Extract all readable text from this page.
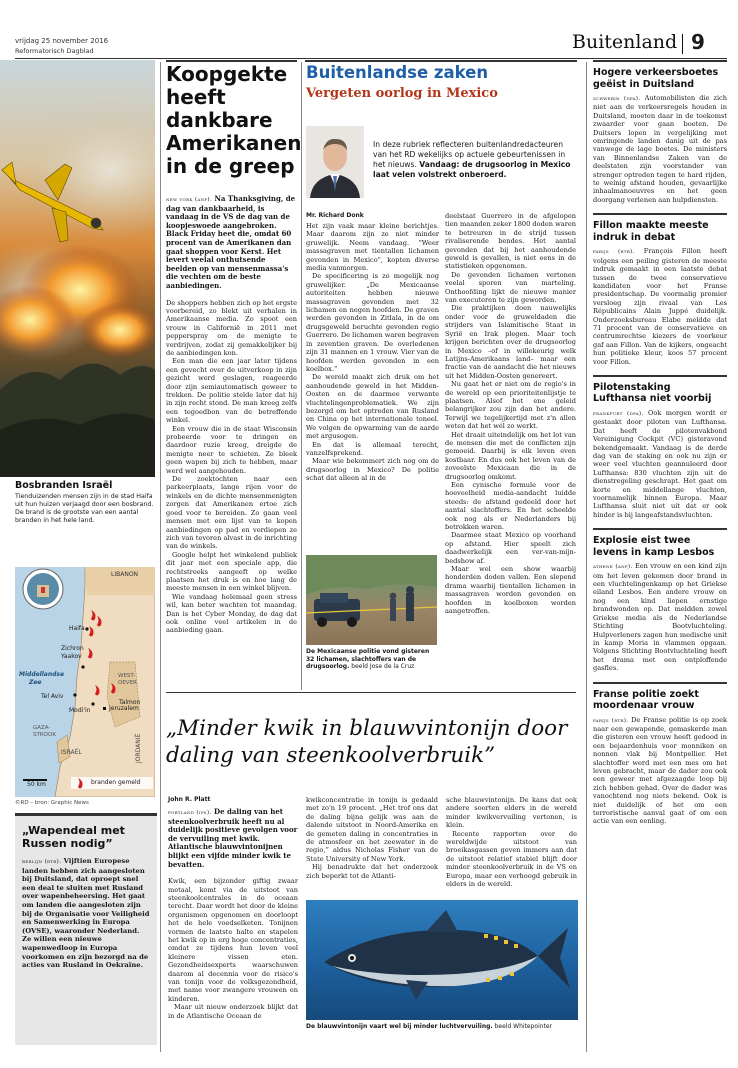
vrijdag 25 november 2016
Reformatorisch Dagblad	Buitenland 9
Bosbranden Israël
Tienduizenden mensen zijn in de stad Haifa uit hun huizen verjaagd door een bosbrand. De brand is de grootste van een aantal branden in het hele land.
LIBANON
Haifa
Zichron
Yaakov
Middellandse
Zee
WEST-
OEVER
Tel Aviv
Talmon
Modi'in	Jeruzalem
GAZA-
STROOK
ISRAËL	JORDANIË
50 km	branden gemeld
©RD – bron: Graphic News
„Wapendeal met Russen nodig”
berlijn (rtr). Vijftien Europese landen hebben zich aangesloten bij Duitsland, dat oproept snel een deal te sluiten met Rusland over wapenbeheersing. Het gaat om landen die aangesloten zijn bij de Organisatie voor Veiligheid en Samenwerking in Europa (OVSE), waaronder Nederland. Ze willen een nieuwe wapenwedloop in Europa voorkomen en zijn bezorgd na de acties van Rusland in Oekraïne.
Koopgekte heeft dankbare Amerikanen in de greep
new york (anp). Na Thanksgiving, de dag van dankbaarheid, is vandaag in de VS de dag van de koopjeswoede aangebroken. Black Friday heet die, omdat 60 procent van de Amerikanen dan gaat shoppen voor Kerst. Het levert veelal onthutsende beelden op van mensenmassa's die vechten om de beste aanbiedingen.

De shoppers hebben zich op het ergste voorbereid, zo blekt uit verhalen in Amerikaanse media. Zo spoot een vrouw in Californië in 2011 met pepperspray om de menigte te verdrijven, zodat zij gemakkelijker bij de aanbiedingen kon.

Een man die een jaar later tijdens een gevecht over de uitverkoop in zijn gezicht werd geslagen, reageerde door zijn semiautomatisch geweer te trekken. De politie stelde later dat hij in zijn recht stond. De man kreeg zelfs een tegoedbon van de betreffende winkel.

Een vrouw die in de staat Wisconsin probeerde voor te dringen en daardoor ruzie kreeg, dreigde de menigte neer te schieten. Ze bleek geen wapen bij zich te hebben, maar werd wel aangehouden.

De zoektochten naar een parkeerplaats, lange rijen voor de winkels en de dichte mensenmenigten zorgen dat Amerikanen ertoe zich goed voor te bereiden. Zo gaan veel mensen met een lijst van te kopen aanbiedingen op pad en verdiepen ze zich van tevoren alvast in de inrichting van de winkels.

Google helpt het winkelend publiek dit jaar met een speciale app, die rechtstreeks aangeeft op welke plaatsen het druk is en hoe lang de meeste mensen in een winkel blijven.

Wie vandaag helemaal geen stress wil, kan beter wachten tot maandag. Dan is het Cyber Monday, de dag dat ook online veel artikelen in de aanbieding gaan.

Buitenlandse zaken
Vergeten oorlog in Mexico
In deze rubriek reflecteren buitenlandredacteuren van het RD wekelijks op actuele gebeurtenissen in het nieuws. Vandaag: de drugsoorlog in Mexico laat velen volstrekt onberoerd.
Mr. Richard Donk

Het zijn vaak maar kleine berichtjes. Maar daarom zijn ze niet minder gruwelijk. Neem vandaag. "Weer massagraven met tientallen lichamen gevonden in Mexico", kopten diverse media vanmorgen.

De specificering is zo mogelijk nog gruwelijker. „De Mexicaanse autoriteiten hebben nieuwe massagraven gevonden met 32 lichamen en negen hoofden. De graven werden gevonden in Zitlala, in de om drugsgeweld beruchte gevonden regio Guerrero. De lichamen waren begraven in zeventien graven. De overledenen zijn 31 mannen en 1 vrouw. Vier van de hoofden werden gevonden in een koelbox.”

De wereld maakt zich druk om het aanhoudende geweld in het Midden-Oosten en de daarmee verwante vluchtelingenproblematiek. We zijn bezorgd om het optreden van Rusland en China op het internationale toneel. We volgen de opwarming van de aarde met argusogen.

En dat is allemaal terecht, vanzelfsprekend.

Maar wie bekommert zich nog om de drugsoorlog in Mexico? De politie schat dat alleen al in de

De Mexicaanse politie vond gisteren 32 lichamen, slachtoffers van de drugsoorlog. beeld Jose de la Cruz

deelstaat Guerrero in de afgelopen tien maanden zeker 1800 doden waren te betreuren in de strijd tussen rivaliserende bendes. Het aantal gevonden dat bij het aanhoudende geweld is gevallen, is niet eens in de statistieken opgenomen.

De gevonden lichamen vertonen veelal sporen van marteling. Onthoofding lijkt de nieuwe manier van executeren te zijn geworden.

Die praktijken doen nauwelijks onder voor de gruweldaden die strijders van Islamitische Staat in Syrië en Irak plegen. Maar toch krijgen berichten over de drugsoorlog in Mexico –of in willekeurig welk Latijns-Amerikaans land– maar een fractie van de aandacht die het nieuws uit het Midden-Oosten genereert.

Nu gaat het er niet om de regio's in de wereld op een prioriteitenlijstje te plaatsen. Alsof het ene geleid belangrijker zou zijn dan het andere. Terwijl we tegelijkertijd met z'n allen weten dat het wél zo werkt.

Het draait uiteindelijk om het lot van de mensen die met de conflicten zijn gemoeid. Daarbij is elk leven even kostbaar. En dus ook het leven van de zoveelste Mexicaan die in de drugsoorlog omkomt.

Een cynische formule voor de hoeveelheid media-aandacht luidde steeds: de afstand gedeeld door het aantal slachtoffers. En het scheelde ook nog als er Nederlanders bij betrokken waren.

Daarmee staat Mexico op voorhand op afstand. Hier speelt zich daadwerkelijk een ver-van-mijn-bedshow af.

Maar wel een show waarbij honderden doden vallen. Een slepend drama waarbij tientallen lichamen in massagraven worden gevonden en hoofden in koelboxen worden aangetroffen.

„Minder kwik in blauwvintonijn door daling van steenkoolverbruik”
John R. Platt
portland (ips). De daling van het steenkoolverbruik heeft nu al duidelijk positieve gevolgen voor de vervuiling met kwik. Atlantische blauwvintonijnen blijkt een vijfde minder kwik te bevatten.

Kwik, een bijzonder giftig zwaar metaal, komt via de uitstoot van steenkoolcentrales in de oceaan terecht. Daar wordt het door de kleine organismen opgenomen en doorloopt het de hele voedselketen. Tonijnen vormen de laatste halte en stapelen het kwik op in erg hoge concentraties, omdat ze tijdens hun leven veel kleinere vissen eten. Gezondheidsexperts waarschuwen daarom al decennia voor de risico's van tonijn voor de volksgezondheid, met name voor zwangere vrouwen en kinderen.

Maar uit nieuw onderzoek blijkt dat in de Atlantische Oceaan de

kwikconcentratie in tonijn is gedaald met zo'n 19 procent. „Het trof ons dat de daling bijna gelijk was aan de dalende uitstoot in Noord-Amerika en de gemeten daling in concentraties in de atmosfeer en het zeewater in de regio,” aldus Nicholas Fisher van de State University of New York.

Hij benadrukte dat het onderzoek zich beperkt tot de Atlanti-

sche blauwvintonijn. De kans dat ook andere soorten elders in de wereld minder kwikvervuiling vertonen, is klein.

Recente rapporten over de wereldwijde uitstoot van broeikasgassen geven immers aan dat de uitstoot relatief stabiel blijft door minder steenkoolverbruik in de VS en Europa, maar een verhoogd gebruik in elders in de wereld.

De blauwvintonijn vaart wel bij minder luchtvervuiling. beeld Whitepointer
Hogere verkeersboetes geëist in Duitsland
schwerin (dpa). Automobilisten die zich niet aan de verkeersregels houden in Duitsland, moeten daar in de toekomst zwaarder voor gaan boeten. De Duitsers lopen in vergelijking met omringende landen danig uit de pas vanwege de lage boetes. De ministers van Binnenlandse Zaken van de deelstaten zijn voorstander van strenger optreden tegen te hard rijden, te weinig afstand houden, gevaarlijke inhaalmanoeuvres en het geen doorgang verlenen aan hulpdiensten.
Fillon maakte meeste indruk in debat
parijs (rtr). François Fillon heeft volgens een peiling gisteren de meeste indruk gemaakt in een laatste debat tussen de twee conservatieve kandidaten voor het Franse presidentschap. De voormalig premier versloeg zijn rivaal van Les Républicains Alain Juppé duidelijk. Onderzoeksbureau Elabe meldde dat 71 procent van de conservatieve en centrumrechtse kiezers de voorkeur gaf aan Fillon. Van de kijkers, ongeacht hun politieke kleur, koos 57 procent voor Fillon.
Pilotenstaking Lufthansa niet voorbij
frankfurt (dpa). Ook morgen wordt er gestaakt door piloten van Lufthansa. Dat heeft de pilotenvakbond Vereinigung Cockpit (VC) gisteravond bekendgemaakt. Vandaag is de derde dag van de staking en ook nu zijn er weer veel vluchten geannuleerd door Lufthansa: 830 vluchten zijn uit de dienstregeling geschrapt. Het gaat om korte en middellange vluchten, voornamelijk binnen Europa. Maar Lufthansa sluit niet uit dat er ook hinder is bij langeafstandsvluchten.
Explosie eist twee levens in kamp Lesbos
athene (anp). Een vrouw en een kind zijn om het leven gekomen door brand in een vluchtelingenkamp op het Griekse eiland Lesbos. Een andere vrouw en nog een kind liepen ernstige brandwonden op. Dat meldden zowel Griekse media als de Nederlandse Stichting Bootvluchteling. Hulpverleners zagen hun medische unit in kamp Moria in vlammen opgaan. Volgens Stichting Bootvluchteling heeft het drama met een ontploffende gasfles.
Franse politie zoekt moordenaar vrouw
parijs (rtr). De Franse politie is op zoek naar een gewapende, gemaskerde man die gisteren een vrouw heeft gedood in een bejaardenhuis voor monniken en nonnen vlak bij Montpellier. Het slachtoffer werd met een mes om het leven gebracht, maar de dader zou ook een geweer met afgezaagde loop bij zich hebben gehad. Over de dader was vanochtend nog niets bekend. Ook is niet duidelijk of het om een terroristische aanval gaat of om een actie van een eenling.
